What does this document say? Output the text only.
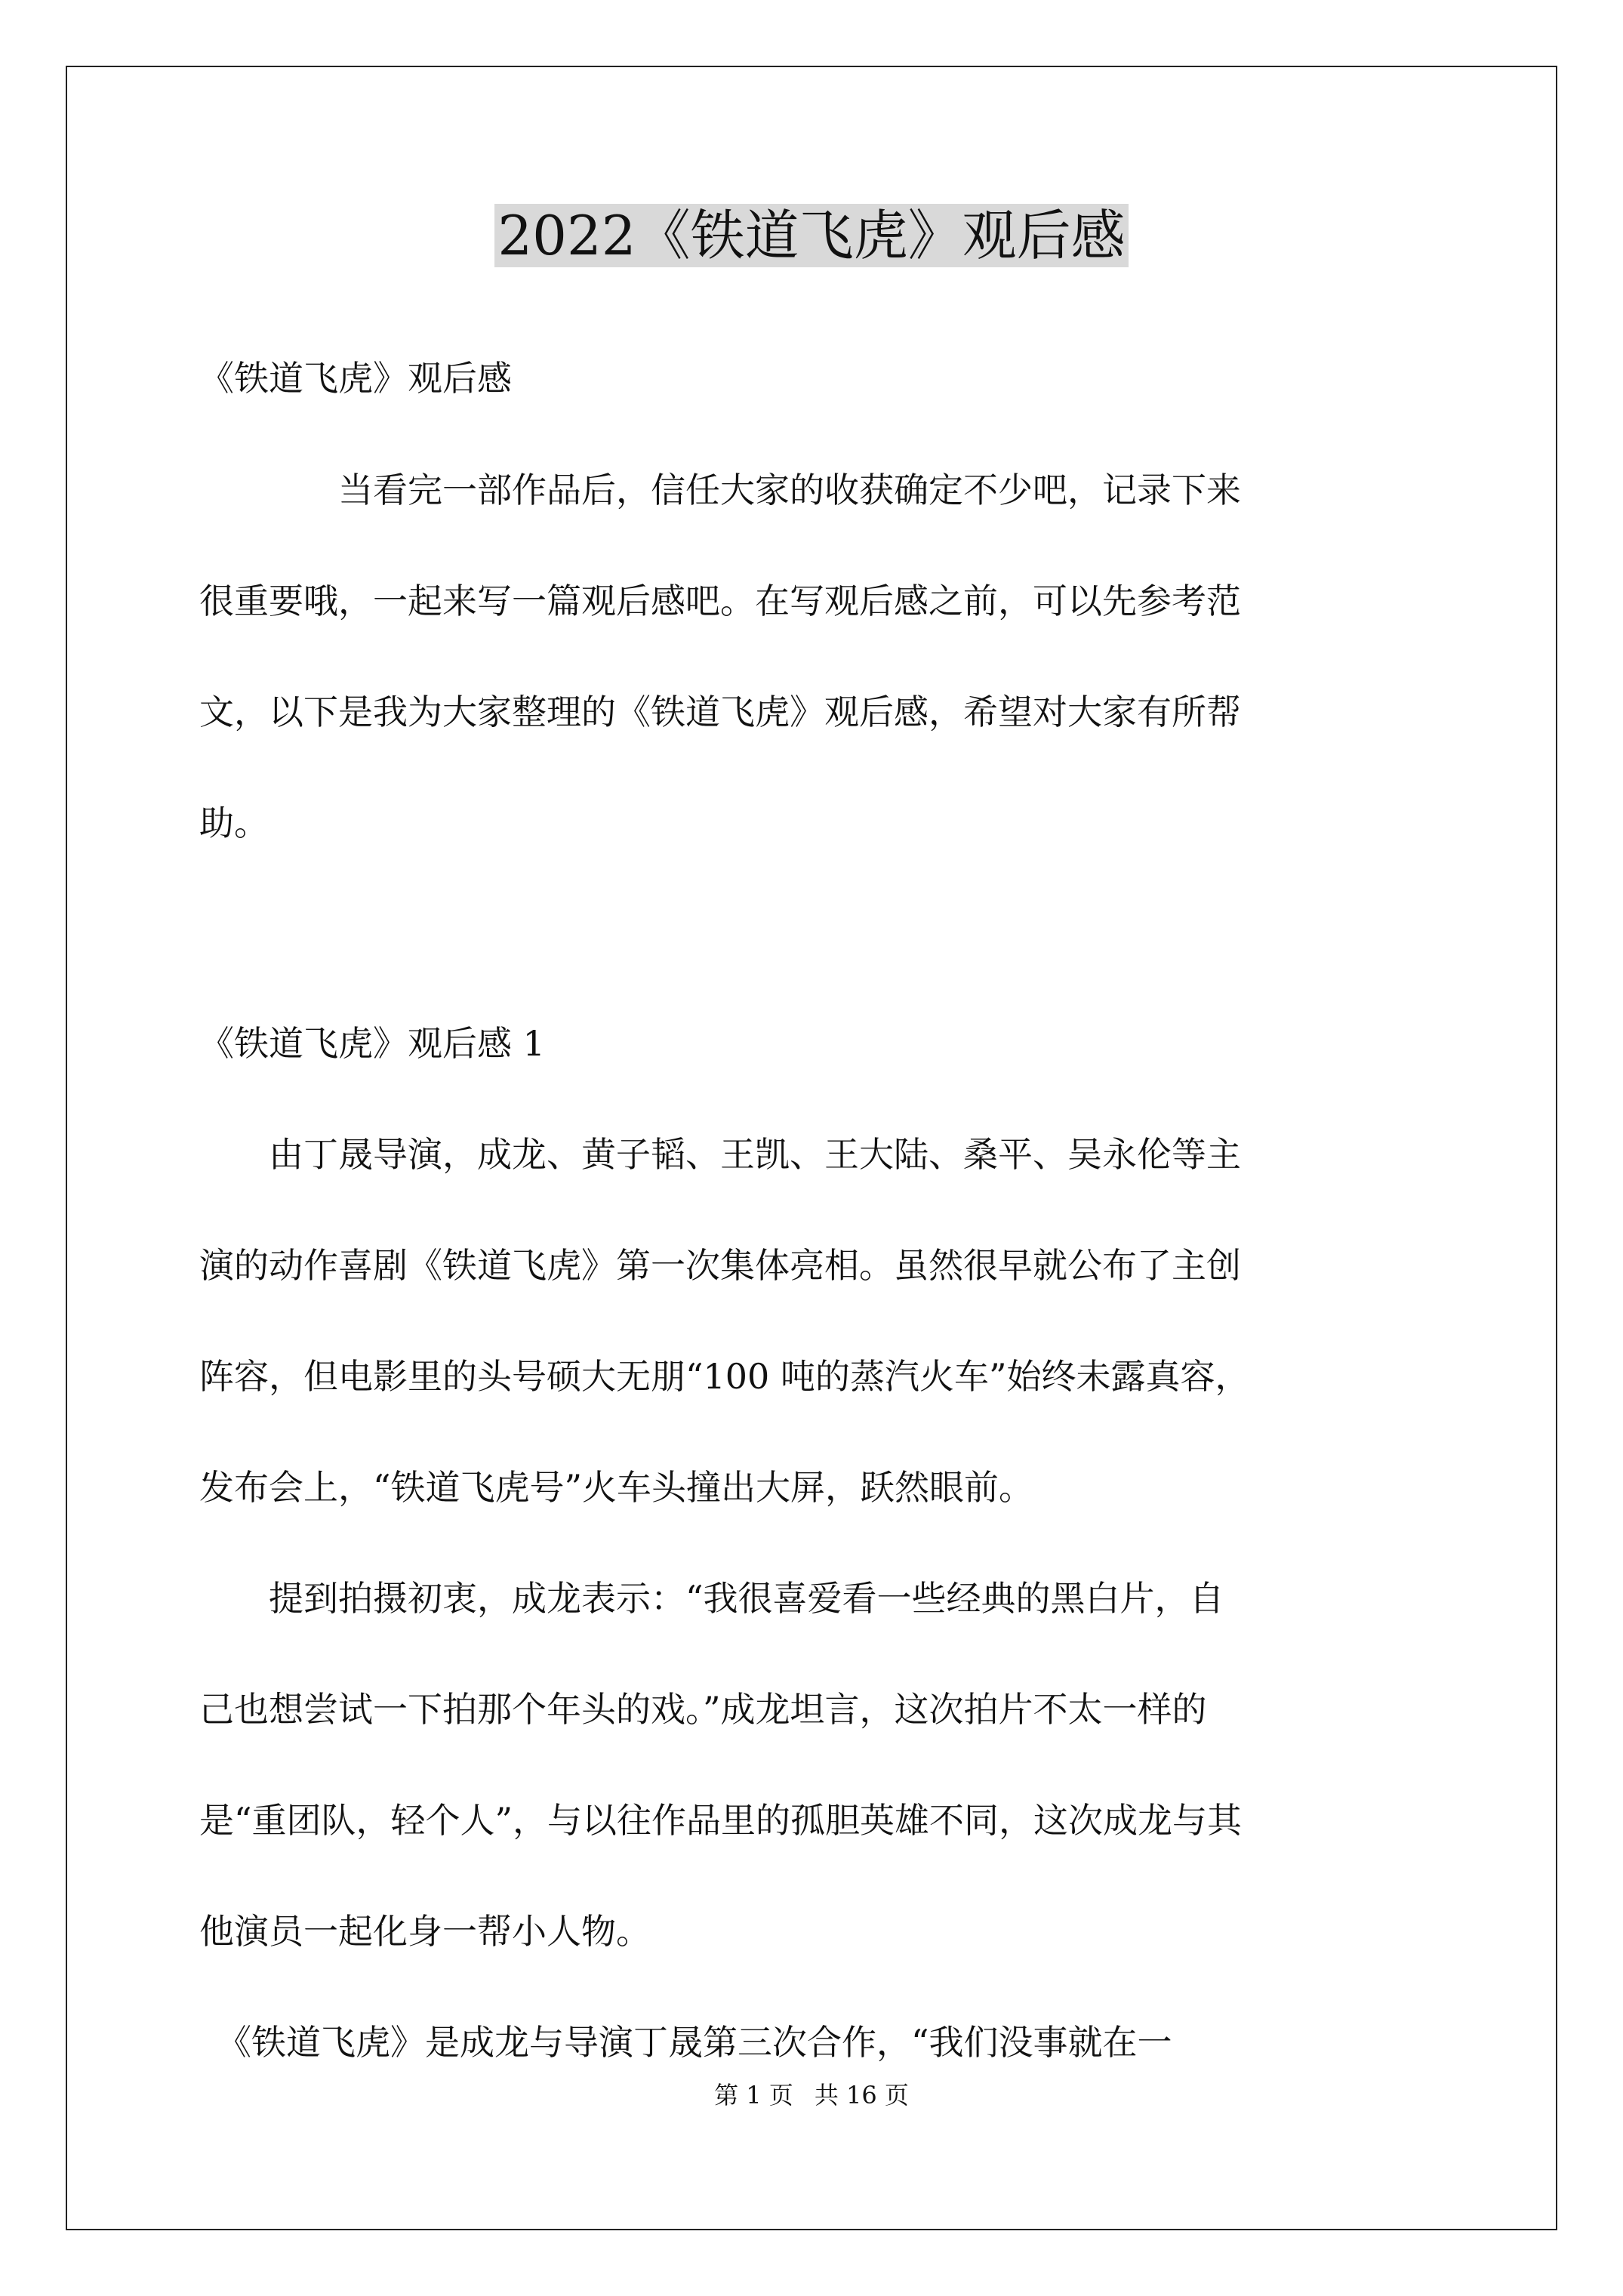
2022《铁道飞虎》观后感

《铁道飞虎》观后感

　　　　当看完一部作品后，信任大家的收获确定不少吧，记录下来

很重要哦，一起来写一篇观后感吧。在写观后感之前，可以先参考范

文，以下是我为大家整理的《铁道飞虎》观后感，希望对大家有所帮

助。

《铁道飞虎》观后感 1

　　由丁晟导演，成龙、黄子韬、王凯、王大陆、桑平、吴永伦等主

演的动作喜剧《铁道飞虎》第一次集体亮相。虽然很早就公布了主创

阵容，但电影里的头号硕大无朋“100 吨的蒸汽火车”始终未露真容，

发布会上，“铁道飞虎号”火车头撞出大屏，跃然眼前。

　　提到拍摄初衷，成龙表示：“我很喜爱看一些经典的黑白片，自

己也想尝试一下拍那个年头的戏。”成龙坦言，这次拍片不太一样的

是“重团队，轻个人”，与以往作品里的孤胆英雄不同，这次成龙与其

他演员一起化身一帮小人物。

　《铁道飞虎》是成龙与导演丁晟第三次合作，“我们没事就在一

第 1 页 共 16 页
